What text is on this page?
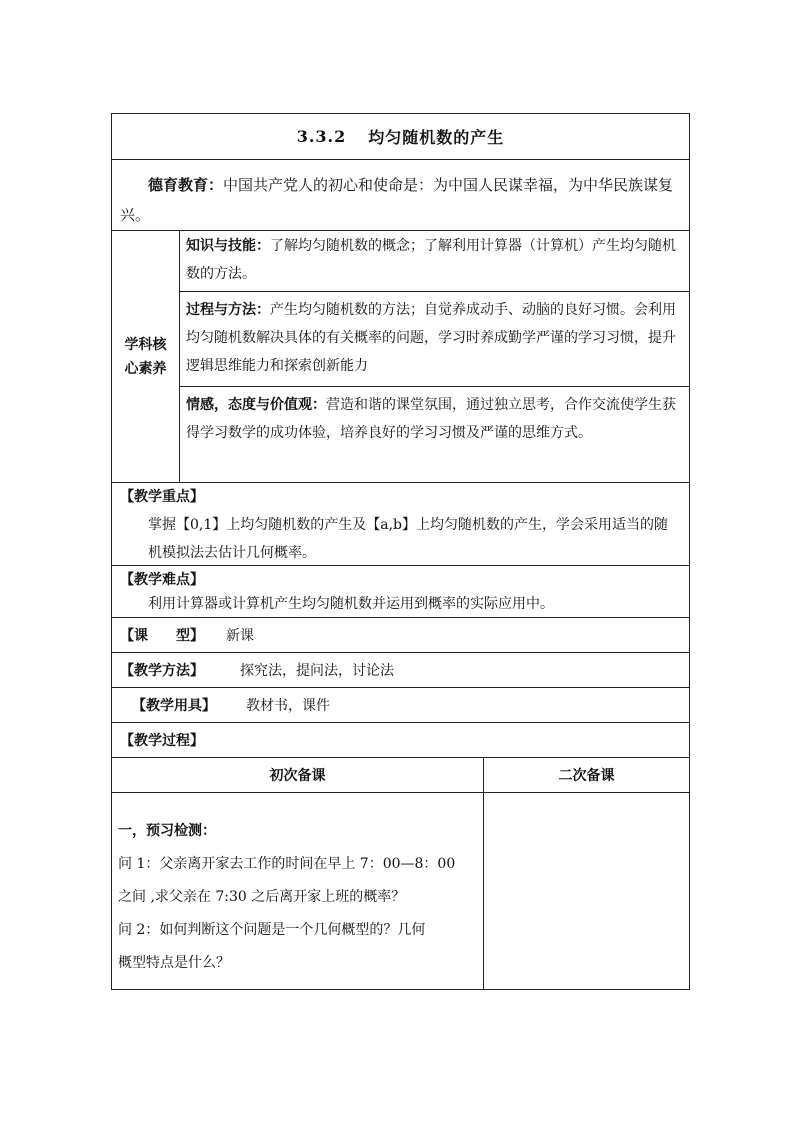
3.3.2 均匀随机数的产生
德育教育：中国共产党人的初心和使命是：为中国人民谋幸福，为中华民族谋复兴。
学科核
心素养
知识与技能：了解均匀随机数的概念；了解利用计算器（计算机）产生均匀随机数的方法。
过程与方法：产生均匀随机数的方法；自觉养成动手、动脑的良好习惯。会利用均匀随机数解决具体的有关概率的问题，学习时养成勤学严谨的学习习惯，提升逻辑思维能力和探索创新能力
情感，态度与价值观：营造和谐的课堂氛围，通过独立思考，合作交流使学生获得学习数学的成功体验，培养良好的学习习惯及严谨的思维方式。
【教学重点】
掌握【0,1】上均匀随机数的产生及【a,b】上均匀随机数的产生，学会采用适当的随机模拟法去估计几何概率。
【教学难点】
利用计算器或计算机产生均匀随机数并运用到概率的实际应用中。
【课　　型】 新课
【教学方法】	探究法，提问法，讨论法
【教学用具】 教材书，课件
【教学过程】
初次备课	二次备课
一，预习检测：
问 1：父亲离开家去工作的时间在早上 7：00—8：00
之间 ,求父亲在 7:30 之后离开家上班的概率？
问 2：如何判断这个问题是一个几何概型的？几何
概型特点是什么？
